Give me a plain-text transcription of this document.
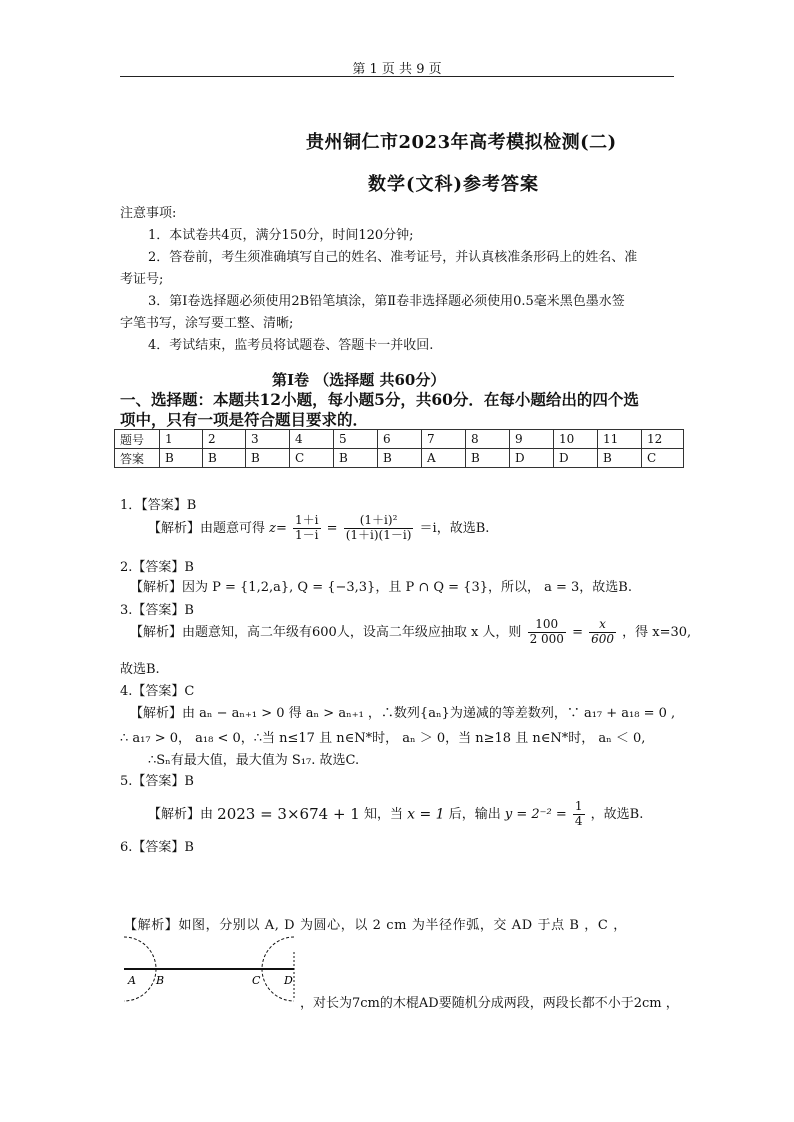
第 1 页 共 9 页
贵州铜仁市2023年高考模拟检测(二)
数学(文科)参考答案
注意事项:
1．本试卷共4页，满分150分，时间120分钟;
2．答卷前，考生须准确填写自己的姓名、准考证号，并认真核准条形码上的姓名、准
考证号;
3．第Ⅰ卷选择题必须使用2B铅笔填涂，第Ⅱ卷非选择题必须使用0.5毫米黑色墨水签
字笔书写，涂写要工整、清晰;
4．考试结束，监考员将试题卷、答题卡一并收回.
第Ⅰ卷 （选择题 共60分）
一、选择题：本题共12小题，每小题5分，共60分．在每小题给出的四个选
项中，只有一项是符合题目要求的．
题号	1	2	3	4	5	6	7	8	9	10	11	12
答案	B	B	B	C	B	B	A	B	D	D	B	C
1．【答案】B
【解析】由题意可得 $z= \frac{1+i}{1-i} = \frac{\text{(1＋i)²}}{(1+i)(1-i)} =i$，故选B.
2.【答案】B
【解析】因为 P = {1,2,a}, Q = {−3,3}，且 P ∩ Q = {3}，所以， a = 3，故选B.
3.【答案】B
【解析】由题意知，高二年级有600人，设高二年级应抽取 x 人，则 $\frac{100}{2 000} = \frac{x}{600}$ ，得 x=30,
故选B.
4.【答案】C
【解析】由 aₙ − aₙ₊₁ > 0 得 aₙ > aₙ₊₁ ，∴数列{aₙ}为递减的等差数列，∵ a₁₇ + a₁₈ = 0 ,
∴ a₁₇ > 0， a₁₈ < 0，∴当 n≤17 且 n∈N*时， aₙ ＞ 0，当 n≥18 且 n∈N*时， aₙ ＜ 0,
∴Sₙ有最大值，最大值为 S₁₇. 故选C.
5.【答案】B
【解析】由 2023 = 3×674 + 1 知，当 x = 1 后，输出 $y = 2^{-2} = \frac{1}{4}$ ，故选B.
6.【答案】B
【解析】如图，分别以 A, D 为圆心，以 2 cm 为半径作弧，交 AD 于点 B ，C ，
A B	C D
，对长为7cm的木棍AD要随机分成两段，两段长都不小于2cm ，
